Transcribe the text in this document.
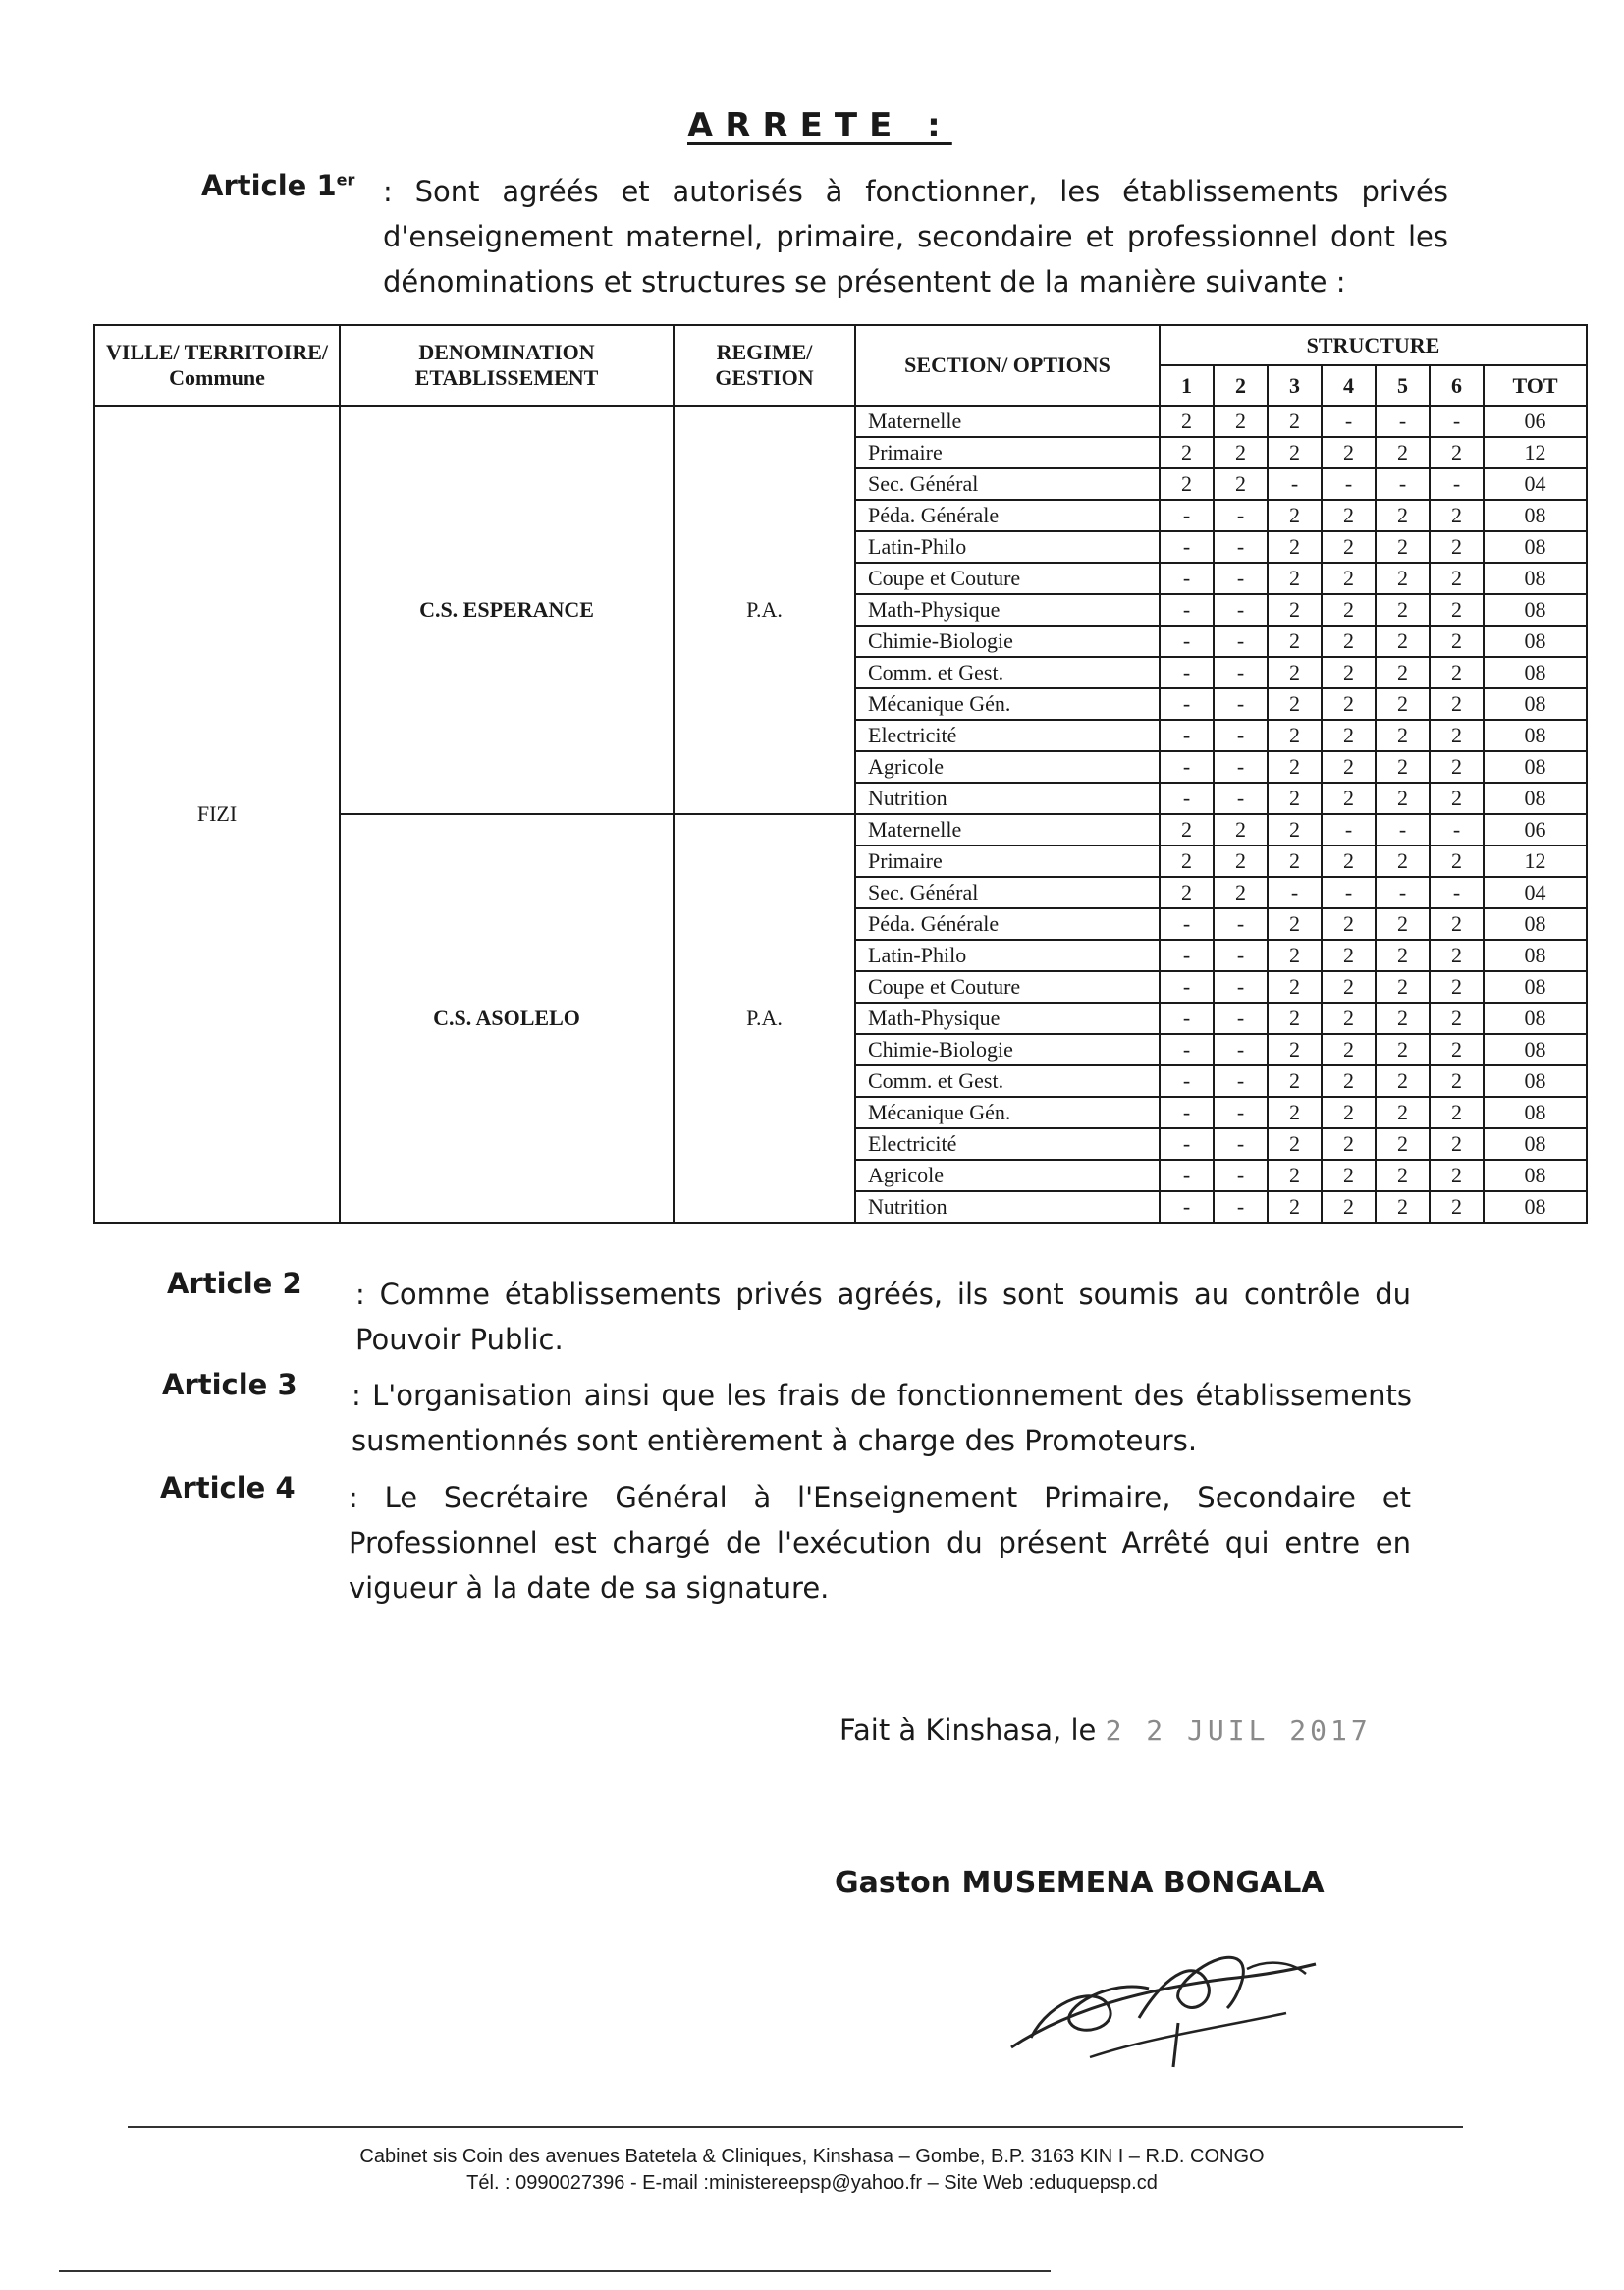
ARRETE :
Article 1er : Sont agréés et autorisés à fonctionner, les établissements privés d'enseignement maternel, primaire, secondaire et professionnel dont les dénominations et structures se présentent de la manière suivante :
VILLE/ TERRITOIRE/ Commune	DENOMINATION ETABLISSEMENT	REGIME/ GESTION	SECTION/ OPTIONS	STRUCTURE						
				1	2	3	4	5	6	TOT
FIZI	C.S. ESPERANCE	P.A.	Maternelle	2	2	2	-	-	-	06
			Primaire	2	2	2	2	2	2	12
			Sec. Général	2	2	-	-	-	-	04
			Péda. Générale	-	-	2	2	2	2	08
			Latin-Philo	-	-	2	2	2	2	08
			Coupe et Couture	-	-	2	2	2	2	08
			Math-Physique	-	-	2	2	2	2	08
			Chimie-Biologie	-	-	2	2	2	2	08
			Comm. et Gest.	-	-	2	2	2	2	08
			Mécanique Gén.	-	-	2	2	2	2	08
			Electricité	-	-	2	2	2	2	08
			Agricole	-	-	2	2	2	2	08
			Nutrition	-	-	2	2	2	2	08
	C.S. ASOLELO	P.A.	Maternelle	2	2	2	-	-	-	06
			Primaire	2	2	2	2	2	2	12
			Sec. Général	2	2	-	-	-	-	04
			Péda. Générale	-	-	2	2	2	2	08
			Latin-Philo	-	-	2	2	2	2	08
			Coupe et Couture	-	-	2	2	2	2	08
			Math-Physique	-	-	2	2	2	2	08
			Chimie-Biologie	-	-	2	2	2	2	08
			Comm. et Gest.	-	-	2	2	2	2	08
			Mécanique Gén.	-	-	2	2	2	2	08
			Electricité	-	-	2	2	2	2	08
			Agricole	-	-	2	2	2	2	08
			Nutrition	-	-	2	2	2	2	08
Article 2 : Comme établissements privés agréés, ils sont soumis au contrôle du Pouvoir Public.
Article 3 : L'organisation ainsi que les frais de fonctionnement des établissements susmentionnés sont entièrement à charge des Promoteurs.
Article 4 : Le Secrétaire Général à l'Enseignement Primaire, Secondaire et Professionnel est chargé de l'exécution du présent Arrêté qui entre en vigueur à la date de sa signature.
Fait à Kinshasa, le 2 2 JUIL 2017
Gaston MUSEMENA BONGALA
Cabinet sis Coin des avenues Batetela & Cliniques, Kinshasa – Gombe, B.P. 3163 KIN I – R.D. CONGO
Tél. : 0990027396 - E-mail :ministereepsp@yahoo.fr – Site Web :eduquepsp.cd
